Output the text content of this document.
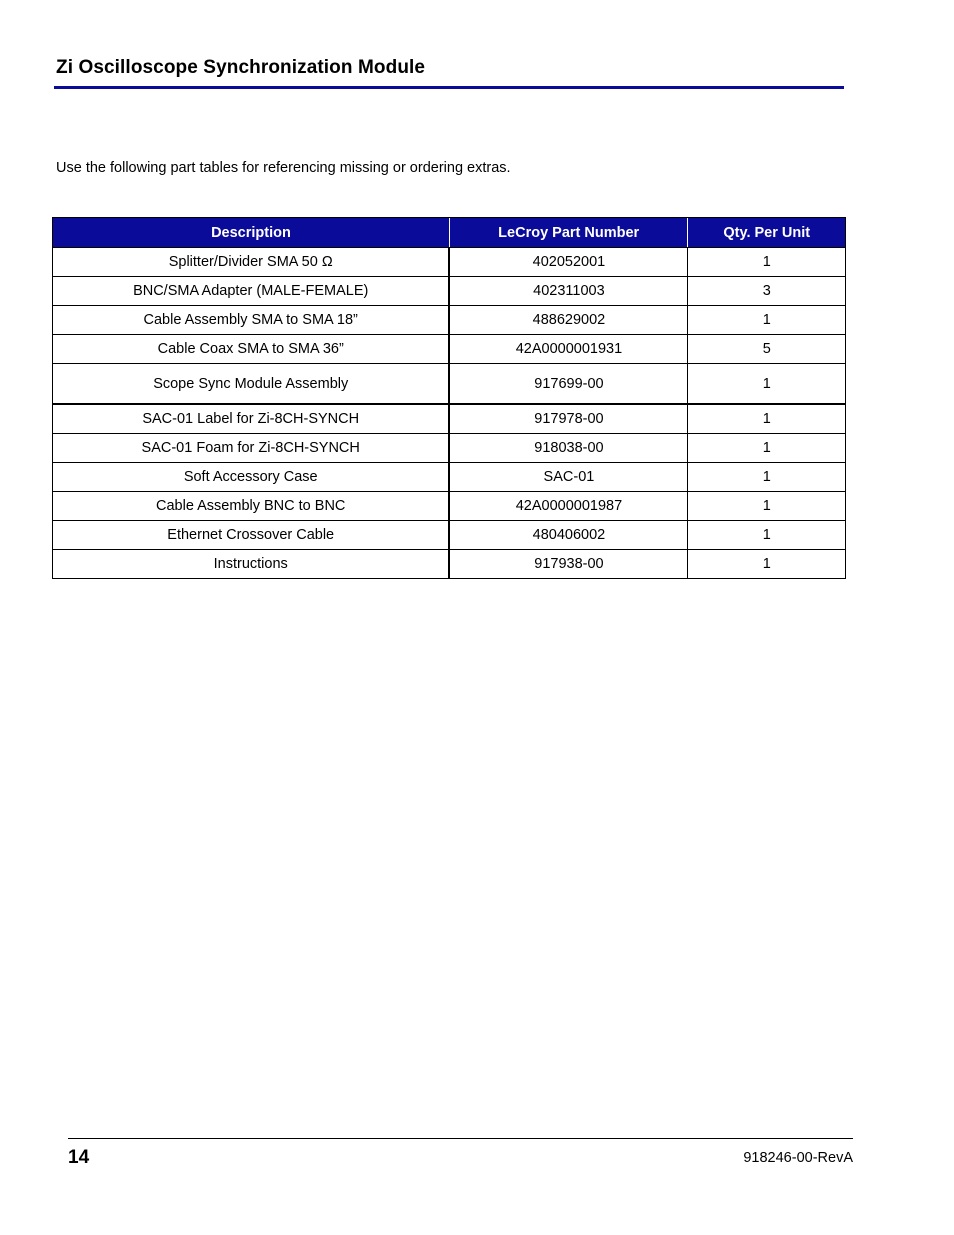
Zi Oscilloscope Synchronization Module
Use the following part tables for referencing missing or ordering extras.
Description	LeCroy Part Number	Qty. Per Unit
Splitter/Divider SMA 50 Ω	402052001	1
BNC/SMA Adapter (MALE-FEMALE)	402311003	3
Cable Assembly SMA to SMA 18”	488629002	1
Cable Coax SMA to SMA 36”	42A0000001931	5
Scope Sync Module Assembly	917699-00	1
SAC-01 Label for Zi-8CH-SYNCH	917978-00	1
SAC-01 Foam for Zi-8CH-SYNCH	918038-00	1
Soft Accessory Case	SAC-01	1
Cable Assembly BNC to BNC	42A0000001987	1
Ethernet Crossover Cable	480406002	1
Instructions	917938-00	1
14	918246-00-RevA
